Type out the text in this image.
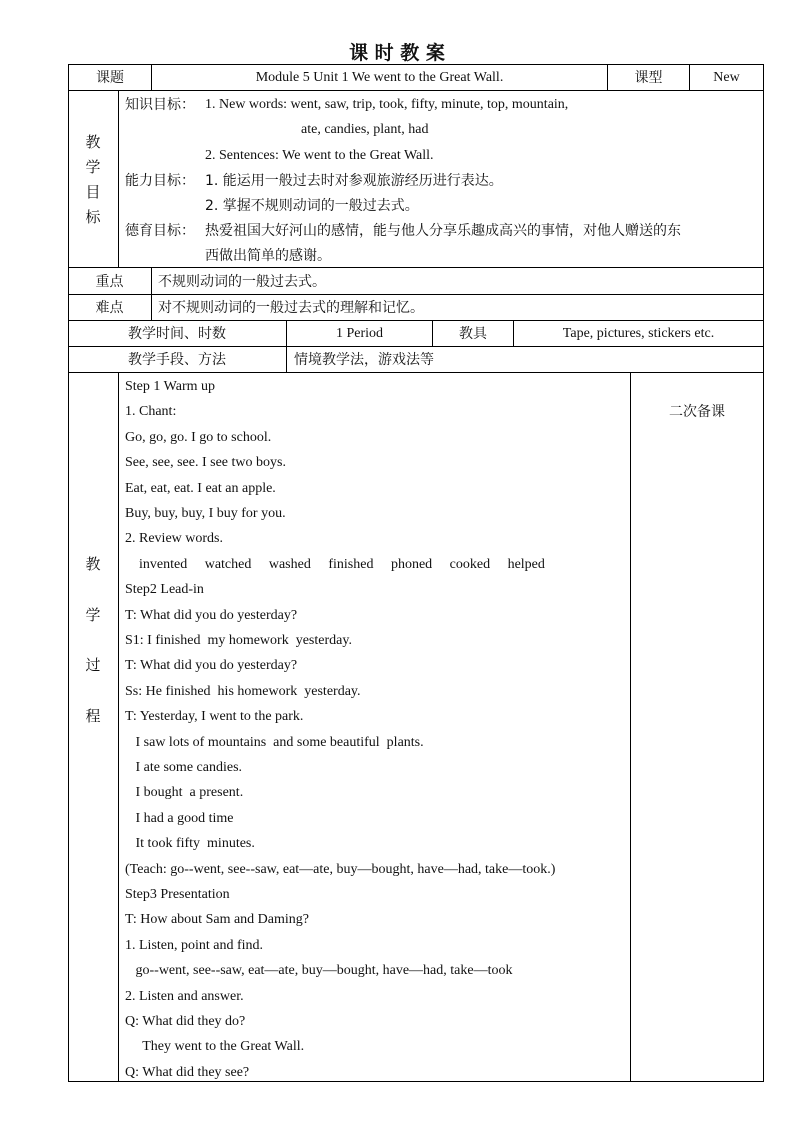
课 时 教 案
课题	Module 5 Unit 1 We went to the Great Wall.	课型	New
教
学
目
标
知识目标： 1. New words: went, saw, trip, took, fifty, minute, top, mountain,
ate, candies, plant, had
2. Sentences: We went to the Great Wall.
能力目标： 1. 能运用一般过去时对参观旅游经历进行表达。
2. 掌握不规则动词的一般过去式。
德育目标： 热爱祖国大好河山的感情，能与他人分享乐趣成高兴的事情，对他人赠送的东
西做出简单的感谢。
重点	不规则动词的一般过去式。
难点	对不规则动词的一般过去式的理解和记忆。
教学时间、时数	1 Period	教具	Tape, pictures, stickers etc.
教学手段、方法	情境教学法，游戏法等
教
学
过
程
二次备课
Step 1 Warm up
1. Chant:
Go, go, go. I go to school.
See, see, see. I see two boys.
Eat, eat, eat. I eat an apple.
Buy, buy, buy, I buy for you.
2. Review words.
invented     watched     washed     finished     phoned     cooked     helped
Step2 Lead-in
T: What did you do yesterday?
S1: I finished  my homework  yesterday.
T: What did you do yesterday?
Ss: He finished  his homework  yesterday.
T: Yesterday, I went to the park.
I saw lots of mountains  and some beautiful  plants.
I ate some candies.
I bought  a present.
I had a good time
It took fifty  minutes.
(Teach: go--went, see--saw, eat—ate, buy—bought, have—had, take—took.)
Step3 Presentation
T: How about Sam and Daming?
1. Listen, point and find.
go--went, see--saw, eat—ate, buy—bought, have—had, take—took
2. Listen and answer.
Q: What did they do?
They went to the Great Wall.
Q: What did they see?
